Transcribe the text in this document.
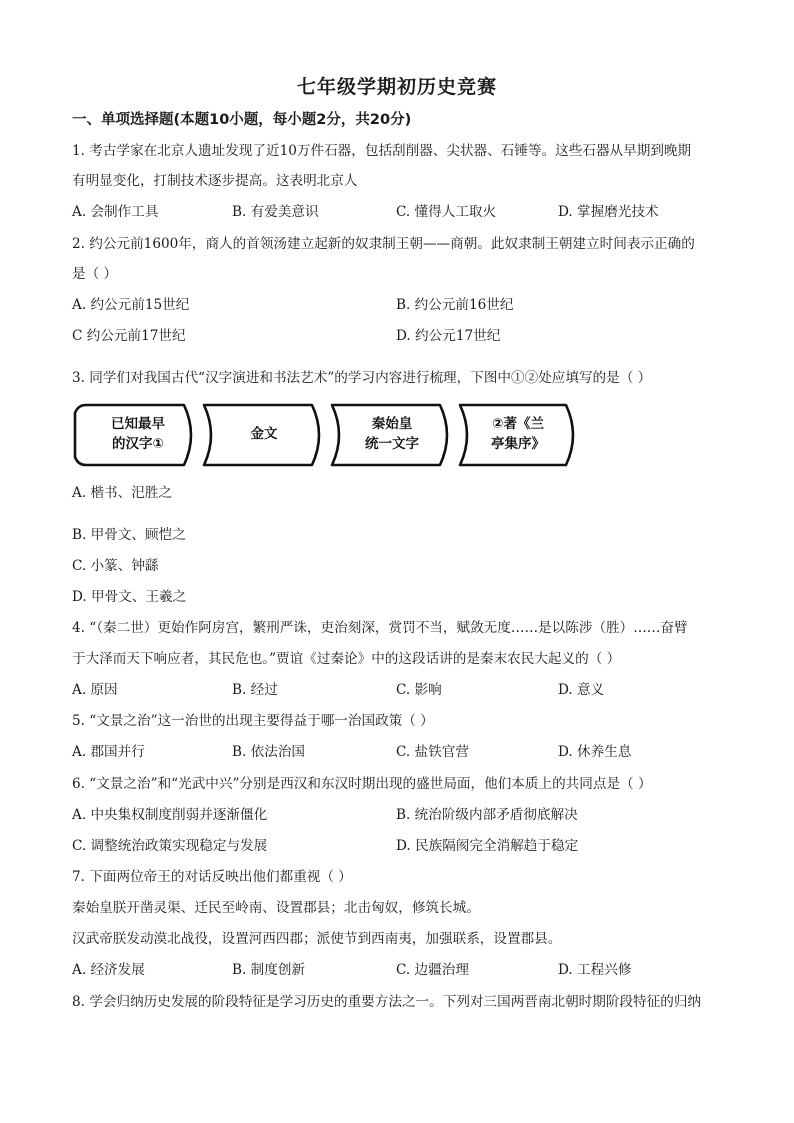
七年级学期初历史竞赛
一、单项选择题(本题10小题，每小题2分，共20分)
1. 考古学家在北京人遗址发现了近10万件石器，包括刮削器、尖状器、石锤等。这些石器从早期到晚期
有明显变化，打制技术逐步提高。这表明北京人
A. 会制作工具	B. 有爱美意识	C. 懂得人工取火	D. 掌握磨光技术
2. 约公元前1600年，商人的首领汤建立起新的奴隶制王朝——商朝。此奴隶制王朝建立时间表示正确的
是（ ）
A. 约公元前15世纪	B. 约公元前16世纪
C 约公元前17世纪	D. 约公元17世纪
3. 同学们对我国古代“汉字演进和书法艺术”的学习内容进行梳理，下图中①②处应填写的是（ ）
已知最早
的汉字①
金文
秦始皇
统一文字
②著《兰
亭集序》
A. 楷书、汜胜之
B. 甲骨文、顾恺之
C. 小篆、钟繇
D. 甲骨文、王羲之
4. “（秦二世）更始作阿房宫，繁刑严诛，吏治刻深，赏罚不当，赋敛无度……是以陈涉（胜）……奋臂
于大泽而天下响应者，其民危也。”贾谊《过秦论》中的这段话讲的是秦末农民大起义的（ ）
A. 原因	B. 经过	C. 影响	D. 意义
5. “文景之治”这一治世的出现主要得益于哪一治国政策（ ）
A. 郡国并行	B. 依法治国	C. 盐铁官营	D. 休养生息
6. “文景之治”和“光武中兴”分别是西汉和东汉时期出现的盛世局面，他们本质上的共同点是（ ）
A. 中央集权制度削弱并逐渐僵化	B. 统治阶级内部矛盾彻底解决
C. 调整统治政策实现稳定与发展	D. 民族隔阂完全消解趋于稳定
7. 下面两位帝王的对话反映出他们都重视（ ）
秦始皇朕开凿灵渠、迁民至岭南、设置郡县；北击匈奴，修筑长城。
汉武帝朕发动漠北战役，设置河西四郡；派使节到西南夷，加强联系，设置郡县。
A. 经济发展	B. 制度创新	C. 边疆治理	D. 工程兴修
8. 学会归纳历史发展的阶段特征是学习历史的重要方法之一。下列对三国两晋南北朝时期阶段特征的归纳
